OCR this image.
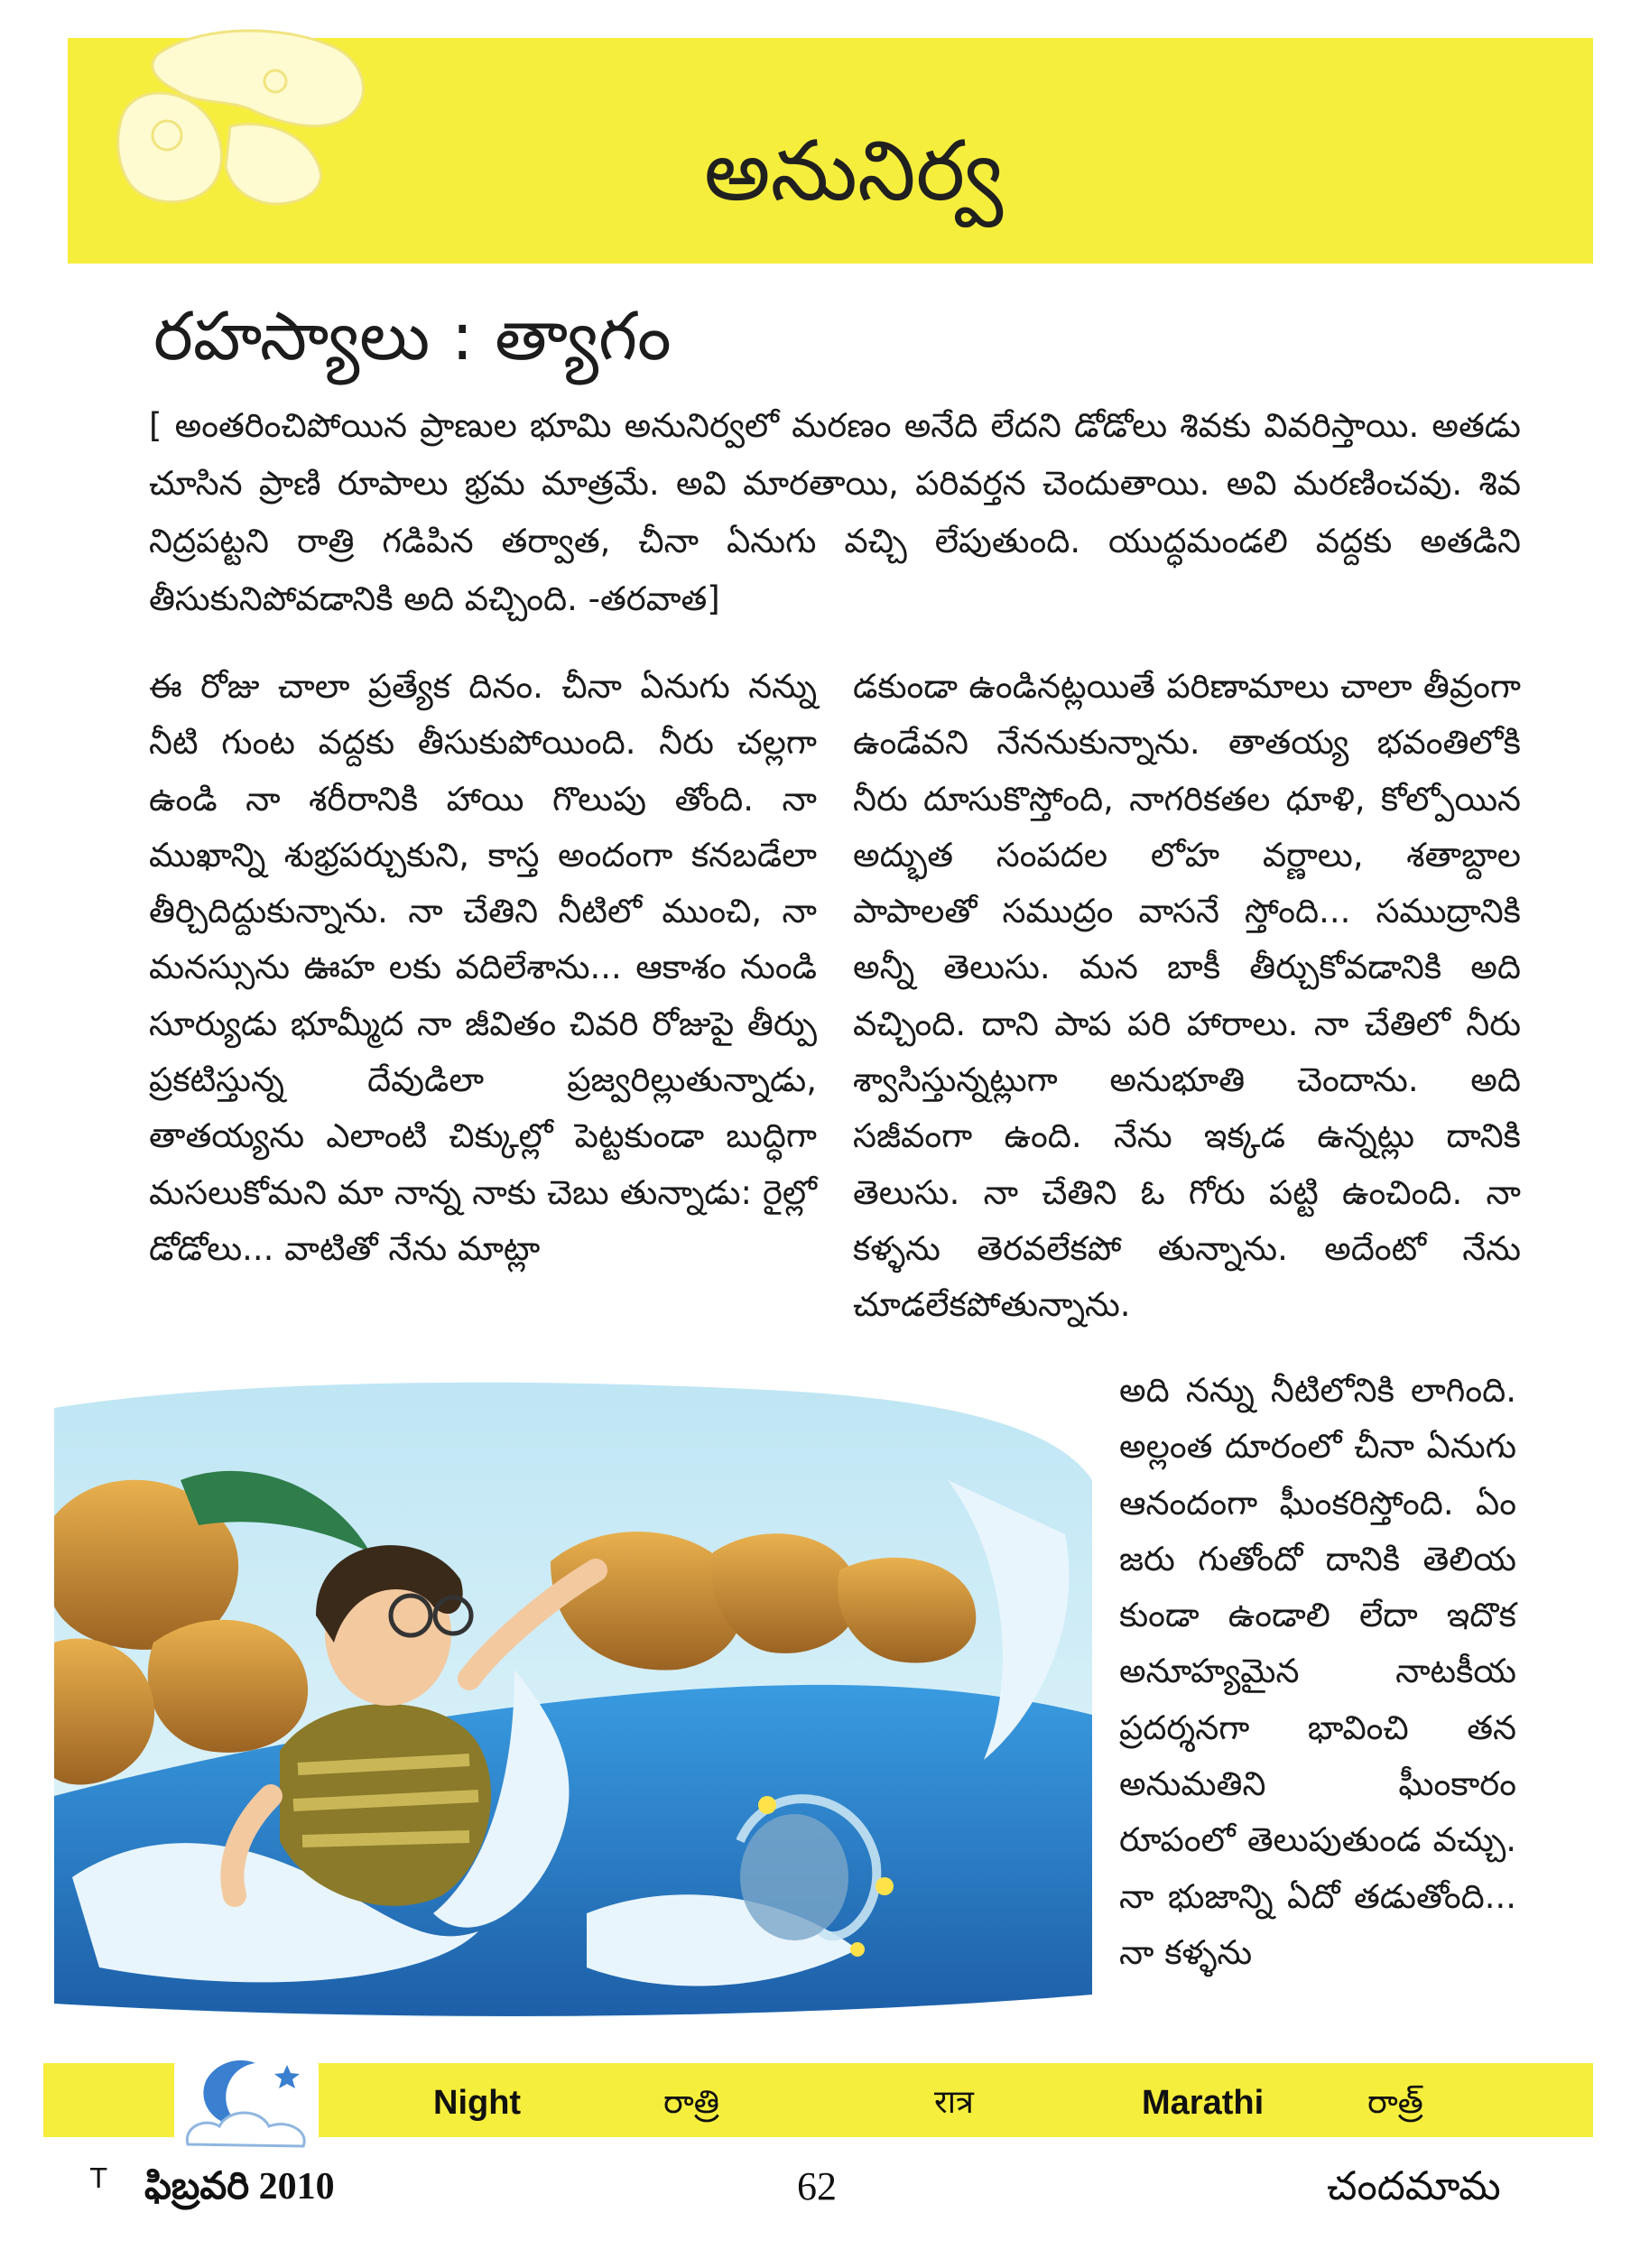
అనునిర్వ
రహస్యాలు : త్యాగం
[ అంతరించిపోయిన ప్రాణుల భూమి అనునిర్వలో మరణం అనేది లేదని డోడోలు శివకు వివరిస్తాయి. అతడు చూసిన ప్రాణి రూపాలు భ్రమ మాత్రమే. అవి మారతాయి, పరివర్తన చెందుతాయి. అవి మరణించవు. శివ నిద్రపట్టని రాత్రి గడిపిన తర్వాత, చీనా ఏనుగు వచ్చి లేపుతుంది. యుద్ధమండలి వద్దకు అతడిని తీసుకునిపోవడానికి అది వచ్చింది. -తరవాత]
ఈ రోజు చాలా ప్రత్యేక దినం. చీనా ఏనుగు నన్ను నీటి గుంట వద్దకు తీసుకుపోయింది. నీరు చల్లగా ఉండి నా శరీరానికి హాయి గొలుపు తోంది. నా ముఖాన్ని శుభ్రపర్చుకుని, కాస్త అందంగా కనబడేలా తీర్చిదిద్దుకున్నాను. నా చేతిని నీటిలో ముంచి, నా మనస్సును ఊహ లకు వదిలేశాను... ఆకాశం నుండి సూర్యుడు భూమ్మీద నా జీవితం చివరి రోజుపై తీర్పు ప్రకటిస్తున్న దేవుడిలా ప్రజ్వరిల్లుతున్నాడు, తాతయ్యను ఎలాంటి చిక్కుల్లో పెట్టకుండా బుద్ధిగా మసలుకోమని మా నాన్న నాకు చెబు తున్నాడు: రైల్లో డోడోలు... వాటితో నేను మాట్లా
డకుండా ఉండినట్లయితే పరిణామాలు చాలా తీవ్రంగా ఉండేవని నేననుకున్నాను. తాతయ్య భవంతిలోకి నీరు దూసుకొస్తోంది, నాగరికతల ధూళి, కోల్పోయిన అద్భుత సంపదల లోహ వర్ణాలు, శతాబ్దాల పాపాలతో సముద్రం వాసనే స్తోంది... సముద్రానికి అన్నీ తెలుసు. మన బాకీ తీర్చుకోవడానికి అది వచ్చింది. దాని పాప పరి హారాలు. నా చేతిలో నీరు శ్వాసిస్తున్నట్లుగా అనుభూతి చెందాను. అది సజీవంగా ఉంది. నేను ఇక్కడ ఉన్నట్లు దానికి తెలుసు. నా చేతిని ఓ గోరు పట్టి ఉంచింది. నా కళ్ళను తెరవలేకపో తున్నాను. అదేంటో నేను చూడలేకపోతున్నాను.
అది నన్ను నీటిలోనికి లాగింది. అల్లంత దూరంలో చీనా ఏనుగు ఆనందంగా ఘీంకరిస్తోంది. ఏం జరు గుతోందో దానికి తెలియ కుండా ఉండాలి లేదా ఇదొక అనూహ్యమైన నాటకీయ ప్రదర్శనగా భావించి తన అనుమతిని ఘీంకారం రూపంలో తెలుపుతుండ వచ్చు. నా భుజాన్ని ఏదో తడుతోంది... నా కళ్ళను
Night	రాత్రి	रात्र	Marathi	రాత్ర్
T ఫిబ్రవరి 2010	62	చందమామ
